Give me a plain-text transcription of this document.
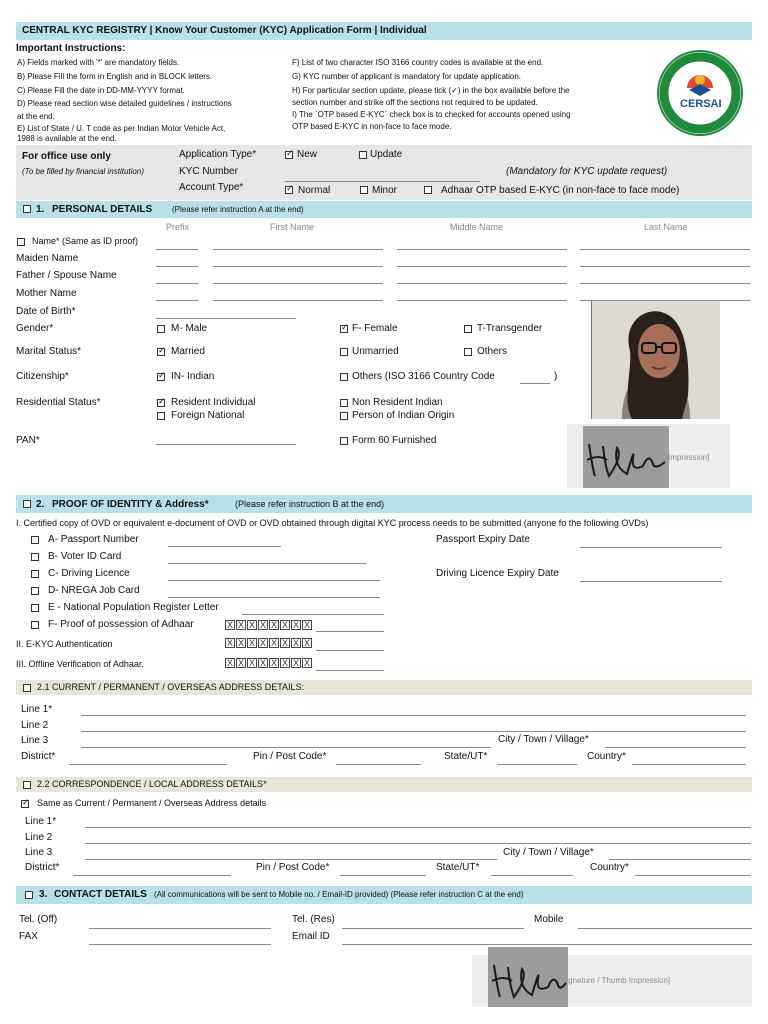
CENTRAL KYC REGISTRY | Know Your Customer (KYC) Application Form | Individual
Important Instructions:
A) Fields marked with '*' are mandatory fields.
B) Please Fill the form in English and in BLOCK letters.
C) Please Fill the date in DD-MM-YYYY format.
D) Please read section wise detailed guidelines / instructions
at the end.
E) List of State / U. T code as per Indian Motor Vehicle Act,
1988 is available at the end.
F) List of two character ISO 3166 country codes is available at the end.
G) KYC number of applicant is mandatory for update application.
H) For particular section update, please tick (✓) in the box available before the
section number and strike off the sections not required to be updated.
I) The `OTP based E-KYC` check box is to checked for accounts opened using
OTP based E-KYC in non-face to face mode.
CERSAI
For office use only
(To be filled by financial institution)
Application Type* ✓	New	Update
KYC Number	(Mandatory for KYC update request)
Account Type* ✓	Normal	Minor	Adhaar OTP based E-KYC (in non-face to face mode)
1. PERSONAL DETAILS (Please refer instruction A at the end)
Prefix	First Name	Middle Name	Last Name
Name* (Same as ID proof)
Maiden Name
Father / Spouse Name
Mother Name
Date of Birth*
Gender*	M- Male ✓	F- Female	T-Transgender
Marital Status* ✓	Married	Unmarried	Others
Citizenship* ✓	IN- Indian	Others (ISO 3166 Country Code	)
Residential Status* ✓	Resident Individual
Foreign National
Non Resident Indian
Person of Indian Origin
PAN*	Form 60 Furnished
Impression]
2. PROOF OF IDENTITY & Address*	(Please refer instruction B at the end)
I. Certified copy of OVD or equivalent e-document of OVD or OVD obtained through digital KYC process needs to be submitted (anyone fo the following OVDs)
A- Passport Number	Passport Expiry Date
B- Voter ID Card
C- Driving Licence	Driving Licence Expiry Date
D- NREGA Job Card
E - National Population Register Letter
F- Proof of possession of Adhaar	X X X X X X X X
II. E-KYC Authentication	X X X X X X X X
III. Offline Verification of Adhaar.	X X X X X X X X
2.1 CURRENT / PERMANENT / OVERSEAS ADDRESS DETAILS:
Line 1*
Line 2
Line 3	City / Town / Village*
District*	Pin / Post Code*	State/UT*	Country*
2.2 CORRESPONDENCE / LOCAL ADDRESS DETAILS*
✓
Same as Current / Permanent / Overseas Address details
Line 1*
Line 2
Line 3	City / Town / Village*
District*	Pin / Post Code*	State/UT*	Country*
3. CONTACT DETAILS (All communications will be sent to Mobile no. / Email-ID provided) (Please refer instruction C at the end)
Tel. (Off)	Tel. (Res)	Mobile
FAX	Email ID
gnature / Thumb Impression]
